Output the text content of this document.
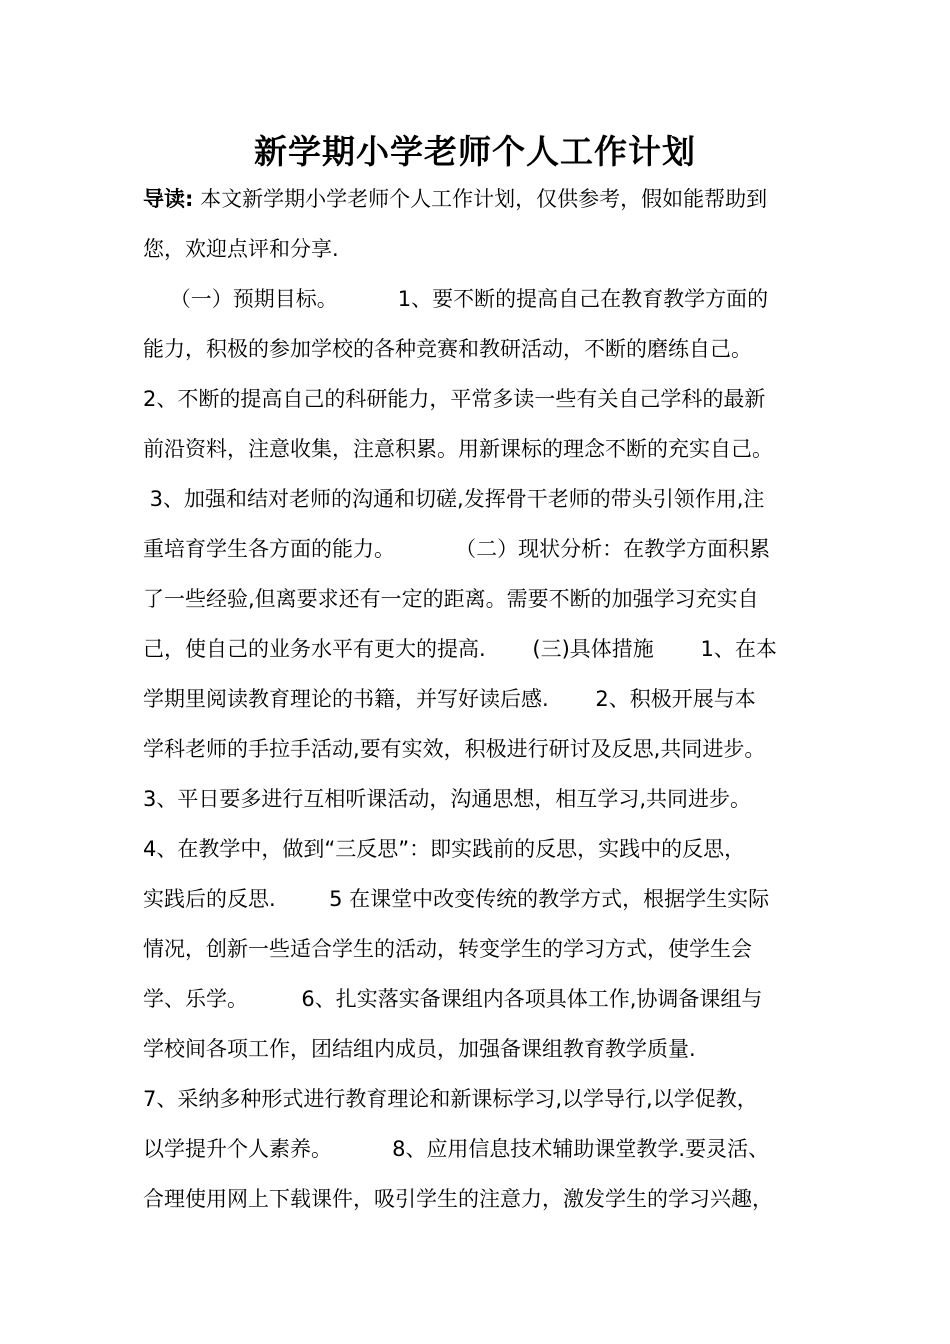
新学期小学老师个人工作计划
导读: 本文新学期小学老师个人工作计划，仅供参考，假如能帮助到
您，欢迎点评和分享.
（一）预期目标。         1、要不断的提高自己在教育教学方面的
能力，积极的参加学校的各种竞赛和教研活动，不断的磨练自己。
2、不断的提高自己的科研能力，平常多读一些有关自己学科的最新
前沿资料，注意收集，注意积累。用新课标的理念不断的充实自己。
3、加强和结对老师的沟通和切磋,发挥骨干老师的带头引领作用,注
重培育学生各方面的能力。         （二）现状分析：在教学方面积累
了一些经验,但离要求还有一定的距离。需要不断的加强学习充实自
己，使自己的业务水平有更大的提高.       (三)具体措施       1、在本
学期里阅读教育理论的书籍，并写好读后感.       2、积极开展与本
学科老师的手拉手活动,要有实效，积极进行研讨及反思,共同进步。
3、平日要多进行互相听课活动，沟通思想，相互学习,共同进步。
4、在教学中，做到“三反思”：即实践前的反思，实践中的反思，
实践后的反思.        5 在课堂中改变传统的教学方式，根据学生实际
情况，创新一些适合学生的活动，转变学生的学习方式，使学生会
学、乐学。        6、扎实落实备课组内各项具体工作,协调备课组与
学校间各项工作，团结组内成员，加强备课组教育教学质量.
7、采纳多种形式进行教育理论和新课标学习,以学导行,以学促教，
以学提升个人素养。         8、应用信息技术辅助课堂教学.要灵活、
合理使用网上下载课件，吸引学生的注意力，激发学生的学习兴趣，
